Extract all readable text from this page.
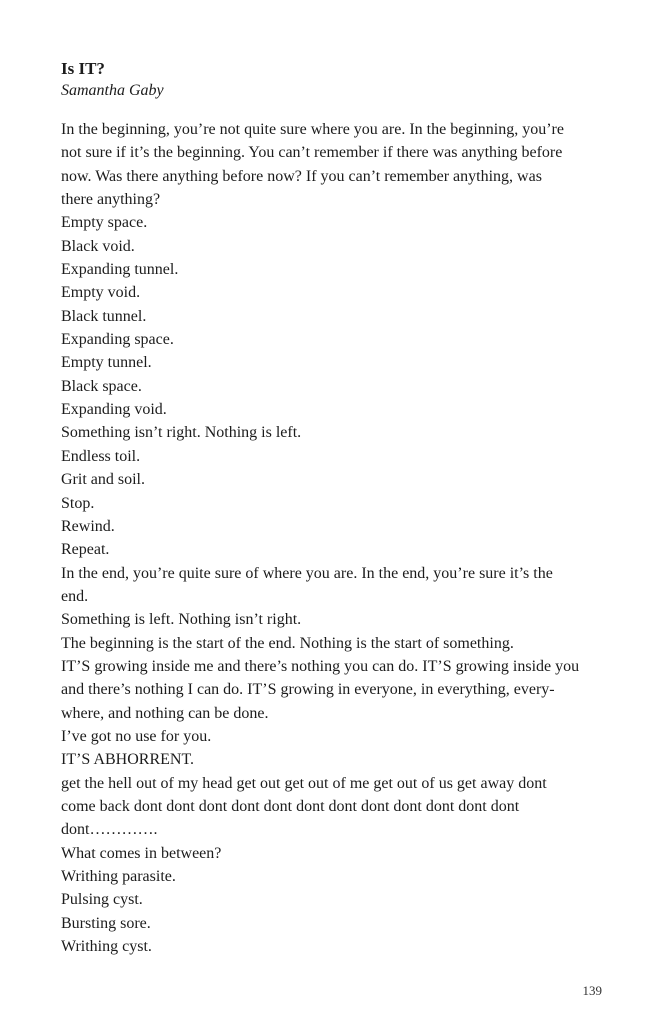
Is IT?
Samantha Gaby
In the beginning, you’re not quite sure where you are. In the beginning, you’re
not sure if it’s the beginning. You can’t remember if there was anything before
now. Was there anything before now? If you can’t remember anything, was
there anything?
Empty space.
Black void.
Expanding tunnel.
Empty void.
Black tunnel.
Expanding space.
Empty tunnel.
Black space.
Expanding void.
Something isn’t right. Nothing is left.
Endless toil.
Grit and soil.
Stop.
Rewind.
Repeat.
In the end, you’re quite sure of where you are. In the end, you’re sure it’s the
end.
Something is left. Nothing isn’t right.
The beginning is the start of the end. Nothing is the start of something.
IT’S growing inside me and there’s nothing you can do. IT’S growing inside you
and there’s nothing I can do. IT’S growing in everyone, in everything, every-
where, and nothing can be done.
I’ve got no use for you.
IT’S ABHORRENT.
get the hell out of my head get out get out of me get out of us get away dont
come back dont dont dont dont dont dont dont dont dont dont dont dont
dont………….
What comes in between?
Writhing parasite.
Pulsing cyst.
Bursting sore.
Writhing cyst.
139
